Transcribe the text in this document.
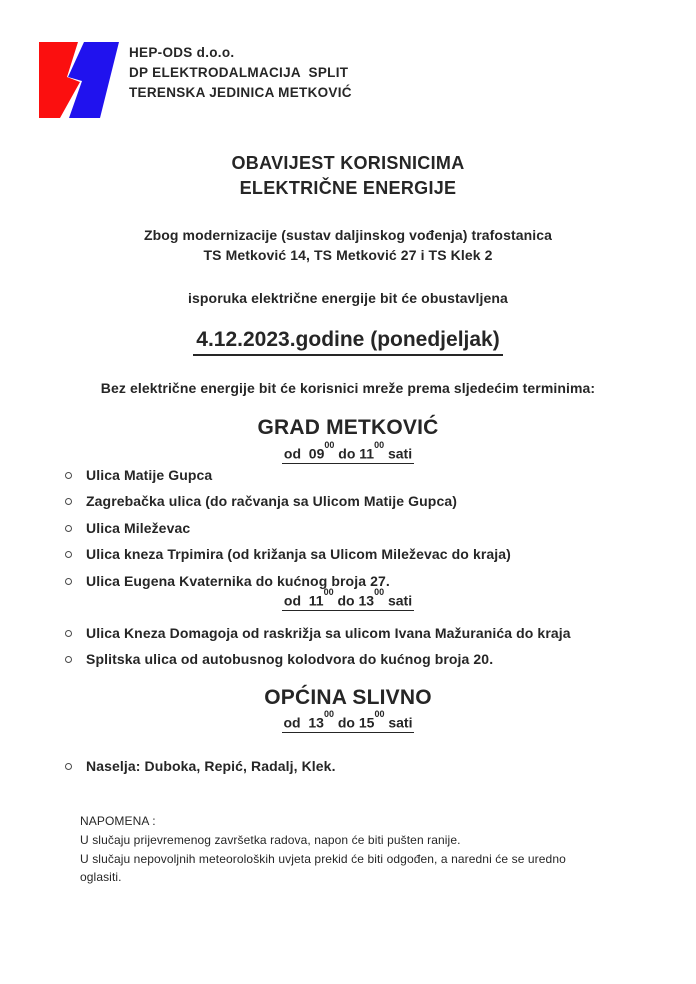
HEP-ODS d.o.o.
DP ELEKTRODALMACIJA  SPLIT
TERENSKA JEDINICA METKOVIĆ
OBAVIJEST KORISNICIMA
ELEKTRIČNE ENERGIJE
Zbog modernizacije (sustav daljinskog vođenja) trafostanica
TS Metković 14, TS Metković 27 i TS Klek 2
isporuka električne energije bit će obustavljena
4.12.2023.godine (ponedjeljak)
Bez električne energije bit će korisnici mreže prema sljedećim terminima:
GRAD METKOVIĆ
od  $09^{00}$ do $11^{00}$ sati
Ulica Matije Gupca
Zagrebačka ulica (do račvanja sa Ulicom Matije Gupca)
Ulica Mileževac
Ulica kneza Trpimira (od križanja sa Ulicom Mileževac do kraja)
Ulica Eugena Kvaternika do kućnog broja 27.
od  $11^{00}$ do $13^{00}$ sati
Ulica Kneza Domagoja od raskrižja sa ulicom Ivana Mažuranića do kraja
Splitska ulica od autobusnog kolodvora do kućnog broja 20.
OPĆINA SLIVNO
od  $13^{00}$ do $15^{00}$ sati
Naselja: Duboka, Repić, Radalj, Klek.
NAPOMENA :
U slučaju prijevremenog završetka radova, napon će biti pušten ranije.
U slučaju nepovoljnih meteoroloških uvjeta prekid će biti odgođen, a naredni će se uredno
oglasiti.
